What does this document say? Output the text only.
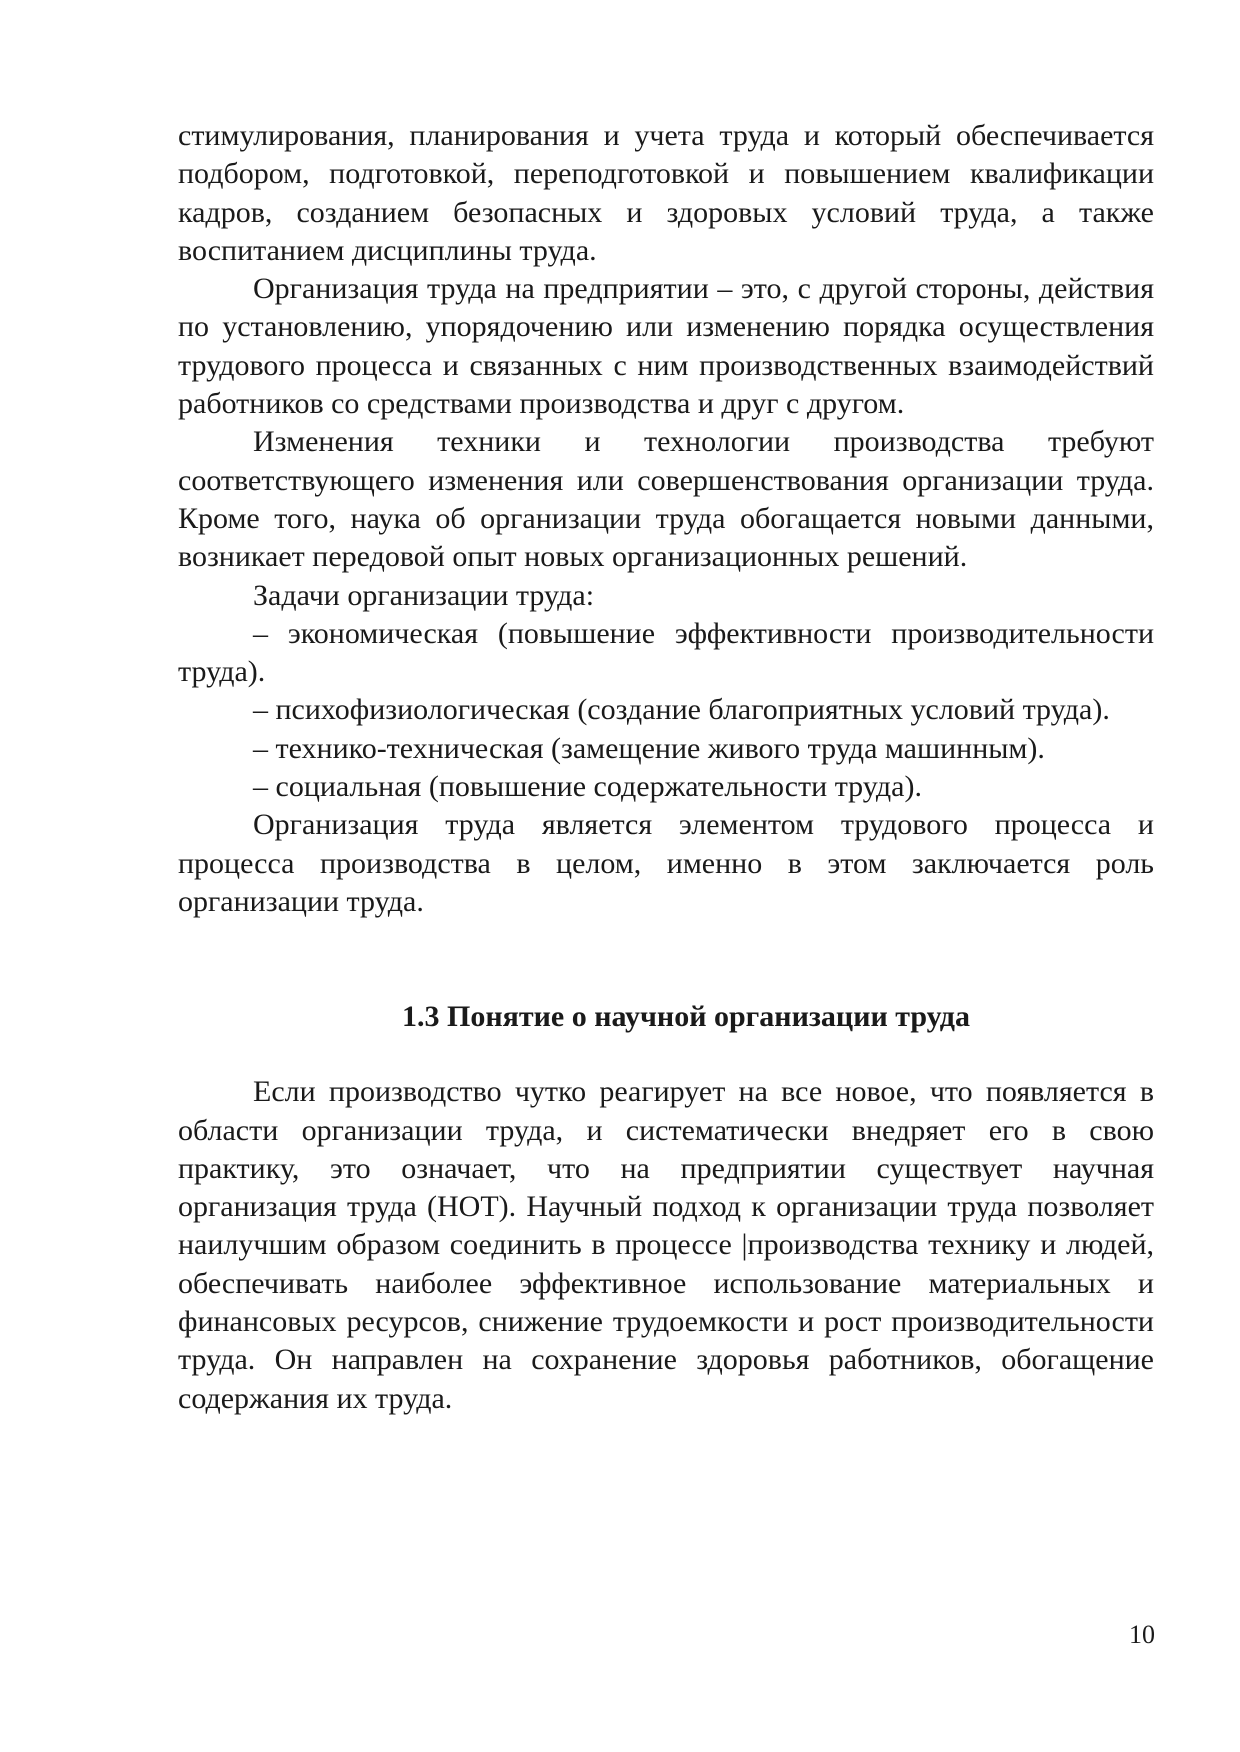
стимулирования, планирования и учета труда и который обеспечивается подбором, подготовкой, переподготовкой и повышением квалификации кадров, созданием безопасных и здоровых условий труда, а также воспитанием дисциплины труда.

Организация труда на предприятии – это, с другой стороны, действия по установлению, упорядочению или изменению порядка осуществления трудового процесса и связанных с ним производственных взаимодействий работников со средствами производства и друг с другом.

Изменения техники и технологии производства требуют соответствующего изменения или совершенствования организации труда. Кроме того, наука об организации труда обогащается новыми данными, возникает передовой опыт новых организационных решений.

Задачи организации труда:

– экономическая (повышение эффективности производительности труда).

– психофизиологическая (создание благоприятных условий труда).

– технико-техническая (замещение живого труда машинным).

– социальная (повышение содержательности труда).

Организация труда является элементом трудового процесса и процесса производства в целом, именно в этом заключается роль организации труда.

1.3 Понятие о научной организации труда

Если производство чутко реагирует на все новое, что появляется в области организации труда, и систематически внедряет его в свою практику, это означает, что на предприятии существует научная организация труда (НОТ). Научный подход к организации труда позволяет наилучшим образом соединить в процессе |производства технику и людей, обеспечивать наиболее эффективное использование материальных и финансовых ресурсов, снижение трудоемкости и рост производительности труда. Он направлен на сохранение здоровья работников, обогащение содержания их труда.

10
